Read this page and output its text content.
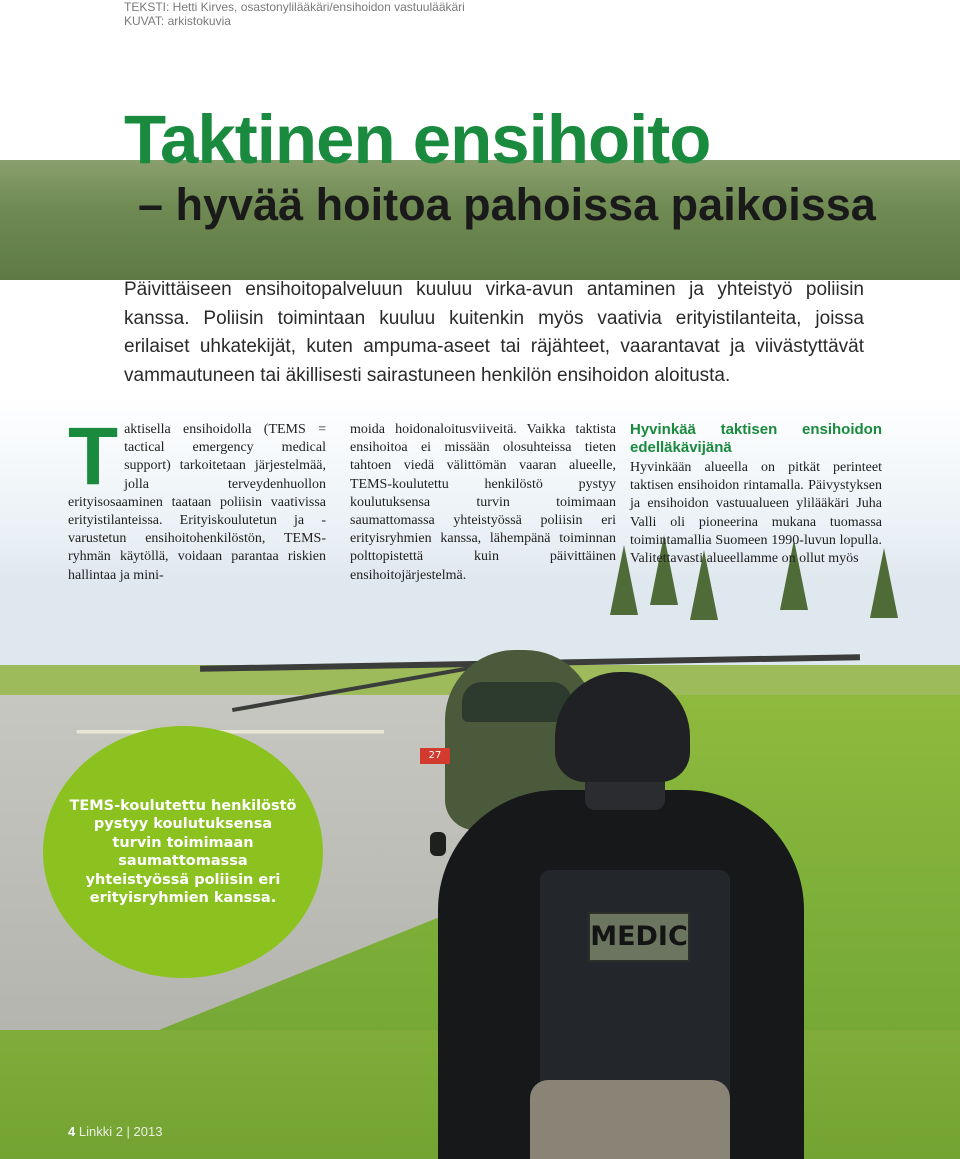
27
MEDIC
TEKSTI: Hetti Kirves, osastonylilääkäri/ensihoidon vastuulääkäri
KUVAT: arkistokuvia
Taktinen ensihoito
– hyvää hoitoa pahoissa paikoissa

Päivittäiseen ensihoitopalveluun kuuluu virka-avun antaminen ja yhteistyö poliisin kanssa. Poliisin toimintaan kuuluu kuitenkin myös vaativia erityistilanteita, joissa erilaiset uhkatekijät, kuten ampuma-aseet tai räjähteet, vaarantavat ja viivästyttävät vammautuneen tai äkillisesti sairastuneen henkilön ensihoidon aloitusta.

Taktisella ensihoidolla (TEMS = tactical emergency medical support) tarkoitetaan järjestelmää, jolla terveydenhuollon erityisosaaminen taataan poliisin vaativissa erityistilanteissa. Erityiskoulutetun ja -varustetun ensihoitohenkilöstön, TEMS-ryhmän käytöllä, voidaan parantaa riskien hallintaa ja mini-
moida hoidonaloitusviiveitä. Vaikka taktista ensihoitoa ei missään olosuhteissa tieten tahtoen viedä välittömän vaaran alueelle, TEMS-koulutettu henkilöstö pystyy koulutuksensa turvin toimimaan saumattomassa yhteistyössä poliisin eri erityisryhmien kanssa, lähempänä toiminnan polttopistettä kuin päivittäinen ensihoitojärjestelmä.

Hyvinkää taktisen ensihoidon edelläkävijänä

Hyvinkään alueella on pitkät perinteet taktisen ensihoidon rintamalla. Päivystyksen ja ensihoidon vastuualueen ylilääkäri Juha Valli oli pioneerina mukana tuomassa toimintamallia Suomeen 1990-luvun lopulla. Valitettavasti alueellamme on ollut myös

TEMS-koulutettu henkilöstö pystyy koulutuksensa turvin toimimaan saumattomassa yhteistyössä poliisin eri erityisryhmien kanssa.

4 Linkki 2 | 2013
